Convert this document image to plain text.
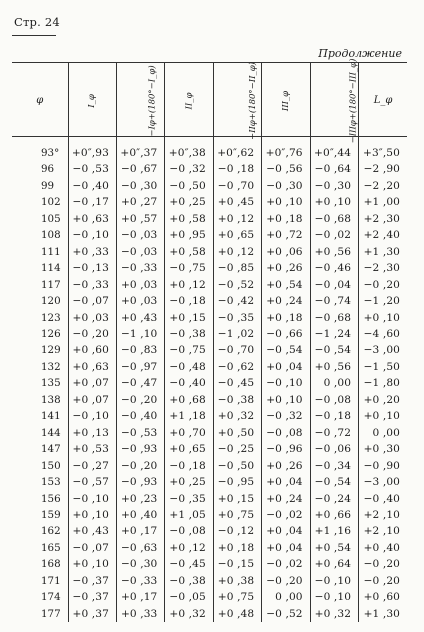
Стр. 24
Продолжение
φ	I_φ	−Iφ+(180°−I_φ)	II_φ	−IIφ+(180°−II_φ)	III_φ	−IIIφ+(180°−III_φ)	L_φ
93°	+0″,93	+0″,37	+0″,38	+0″,62	+0″,76	+0″,44	+3″,50
96	−0 ,53	−0 ,67	−0 ,32	−0 ,18	−0 ,56	−0 ,64	−2 ,90
99	−0 ,40	−0 ,30	−0 ,50	−0 ,70	−0 ,30	−0 ,30	−2 ,20
102	−0 ,17	+0 ,27	+0 ,25	+0 ,45	+0 ,10	+0 ,10	+1 ,00
105	+0 ,63	+0 ,57	+0 ,58	+0 ,12	+0 ,18	−0 ,68	+2 ,30
108	−0 ,10	−0 ,03	+0 ,95	+0 ,65	+0 ,72	−0 ,02	+2 ,40
111	+0 ,33	−0 ,03	+0 ,58	+0 ,12	+0 ,06	+0 ,56	+1 ,30
114	−0 ,13	−0 ,33	−0 ,75	−0 ,85	+0 ,26	−0 ,46	−2 ,30
117	−0 ,33	+0 ,03	+0 ,12	−0 ,52	+0 ,54	−0 ,04	−0 ,20
120	−0 ,07	+0 ,03	−0 ,18	−0 ,42	+0 ,24	−0 ,74	−1 ,20
123	+0 ,03	+0 ,43	+0 ,15	−0 ,35	+0 ,18	−0 ,68	+0 ,10
126	−0 ,20	−1 ,10	−0 ,38	−1 ,02	−0 ,66	−1 ,24	−4 ,60
129	+0 ,60	−0 ,83	−0 ,75	−0 ,70	−0 ,54	−0 ,54	−3 ,00
132	+0 ,63	−0 ,97	−0 ,48	−0 ,62	+0 ,04	+0 ,56	−1 ,50
135	+0 ,07	−0 ,47	−0 ,40	−0 ,45	−0 ,10	0 ,00	−1 ,80
138	+0 ,07	−0 ,20	+0 ,68	−0 ,38	+0 ,10	−0 ,08	+0 ,20
141	−0 ,10	−0 ,40	+1 ,18	+0 ,32	−0 ,32	−0 ,18	+0 ,10
144	+0 ,13	−0 ,53	+0 ,70	+0 ,50	−0 ,08	−0 ,72	0 ,00
147	+0 ,53	−0 ,93	+0 ,65	−0 ,25	−0 ,96	−0 ,06	+0 ,30
150	−0 ,27	−0 ,20	−0 ,18	−0 ,50	+0 ,26	−0 ,34	−0 ,90
153	−0 ,57	−0 ,93	+0 ,25	−0 ,95	+0 ,04	−0 ,54	−3 ,00
156	−0 ,10	+0 ,23	−0 ,35	+0 ,15	+0 ,24	−0 ,24	−0 ,40
159	+0 ,10	+0 ,40	+1 ,05	+0 ,75	−0 ,02	+0 ,66	+2 ,10
162	+0 ,43	+0 ,17	−0 ,08	−0 ,12	+0 ,04	+1 ,16	+2 ,10
165	−0 ,07	−0 ,63	+0 ,12	+0 ,18	+0 ,04	+0 ,54	+0 ,40
168	+0 ,10	−0 ,30	−0 ,45	−0 ,15	−0 ,02	+0 ,64	−0 ,20
171	−0 ,37	−0 ,33	−0 ,38	+0 ,38	−0 ,20	−0 ,10	−0 ,20
174	−0 ,37	+0 ,17	−0 ,05	+0 ,75	0 ,00	−0 ,10	+0 ,60
177	+0 ,37	+0 ,33	+0 ,32	+0 ,48	−0 ,52	+0 ,32	+1 ,30
